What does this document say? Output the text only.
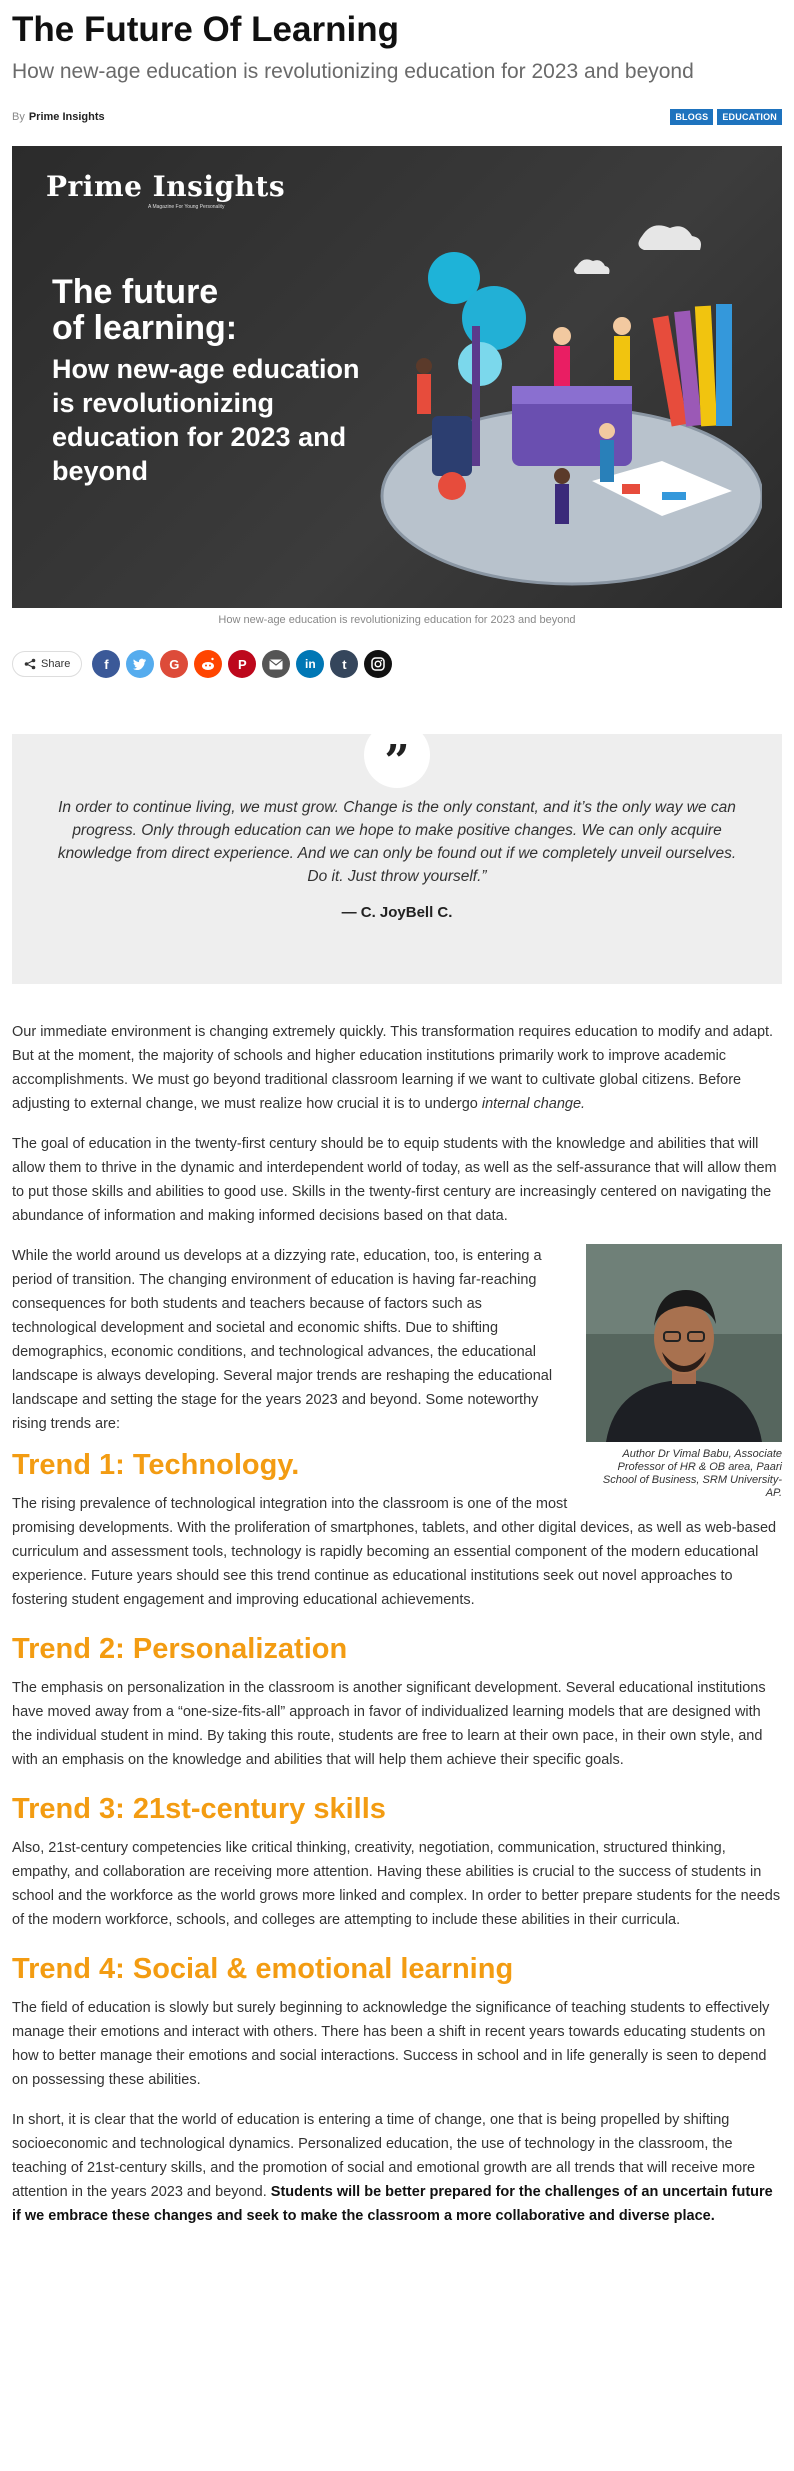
The Future Of Learning
How new-age education is revolutionizing education for 2023 and beyond
By Prime Insights	BLOGS	EDUCATION
Prime Insights
A Magazine For Young Personality
The future
of learning:
How new-age education is revolutionizing education for 2023 and beyond
How new-age education is revolutionizing education for 2023 and beyond
Share	f	G	P	in	t
”

In order to continue living, we must grow. Change is the only constant, and it’s the only way we can progress. Only through education can we hope to make positive changes. We can only acquire knowledge from direct experience. And we can only be found out if we completely unveil ourselves. Do it. Just throw yourself.”

— C. JoyBell C.

Our immediate environment is changing extremely quickly. This transformation requires education to modify and adapt. But at the moment, the majority of schools and higher education institutions primarily work to improve academic accomplishments. We must go beyond traditional classroom learning if we want to cultivate global citizens. Before adjusting to external change, we must realize how crucial it is to undergo internal change.

The goal of education in the twenty-first century should be to equip students with the knowledge and abilities that will allow them to thrive in the dynamic and interdependent world of today, as well as the self-assurance that will allow them to put those skills and abilities to good use. Skills in the twenty-first century are increasingly centered on navigating the abundance of information and making informed decisions based on that data.

Author Dr Vimal Babu, Associate Professor of HR & OB area, Paari School of Business, SRM University-AP.

While the world around us develops at a dizzying rate, education, too, is entering a period of transition. The changing environment of education is having far-reaching consequences for both students and teachers because of factors such as technological development and societal and economic shifts. Due to shifting demographics, economic conditions, and technological advances, the educational landscape is always developing. Several major trends are reshaping the educational landscape and setting the stage for the years 2023 and beyond. Some noteworthy rising trends are:

Trend 1: Technology.

The rising prevalence of technological integration into the classroom is one of the most promising developments. With the proliferation of smartphones, tablets, and other digital devices, as well as web-based curriculum and assessment tools, technology is rapidly becoming an essential component of the modern educational experience. Future years should see this trend continue as educational institutions seek out novel approaches to fostering student engagement and improving educational achievements.

Trend 2: Personalization

The emphasis on personalization in the classroom is another significant development. Several educational institutions have moved away from a “one-size-fits-all” approach in favor of individualized learning models that are designed with the individual student in mind. By taking this route, students are free to learn at their own pace, in their own style, and with an emphasis on the knowledge and abilities that will help them achieve their specific goals.

Trend 3: 21st-century skills

Also, 21st-century competencies like critical thinking, creativity, negotiation, communication, structured thinking, empathy, and collaboration are receiving more attention. Having these abilities is crucial to the success of students in school and the workforce as the world grows more linked and complex. In order to better prepare students for the needs of the modern workforce, schools, and colleges are attempting to include these abilities in their curricula.

Trend 4: Social & emotional learning

The field of education is slowly but surely beginning to acknowledge the significance of teaching students to effectively manage their emotions and interact with others. There has been a shift in recent years towards educating students on how to better manage their emotions and social interactions. Success in school and in life generally is seen to depend on possessing these abilities.

In short, it is clear that the world of education is entering a time of change, one that is being propelled by shifting socioeconomic and technological dynamics. Personalized education, the use of technology in the classroom, the teaching of 21st-century skills, and the promotion of social and emotional growth are all trends that will receive more attention in the years 2023 and beyond. Students will be better prepared for the challenges of an uncertain future if we embrace these changes and seek to make the classroom a more collaborative and diverse place.
